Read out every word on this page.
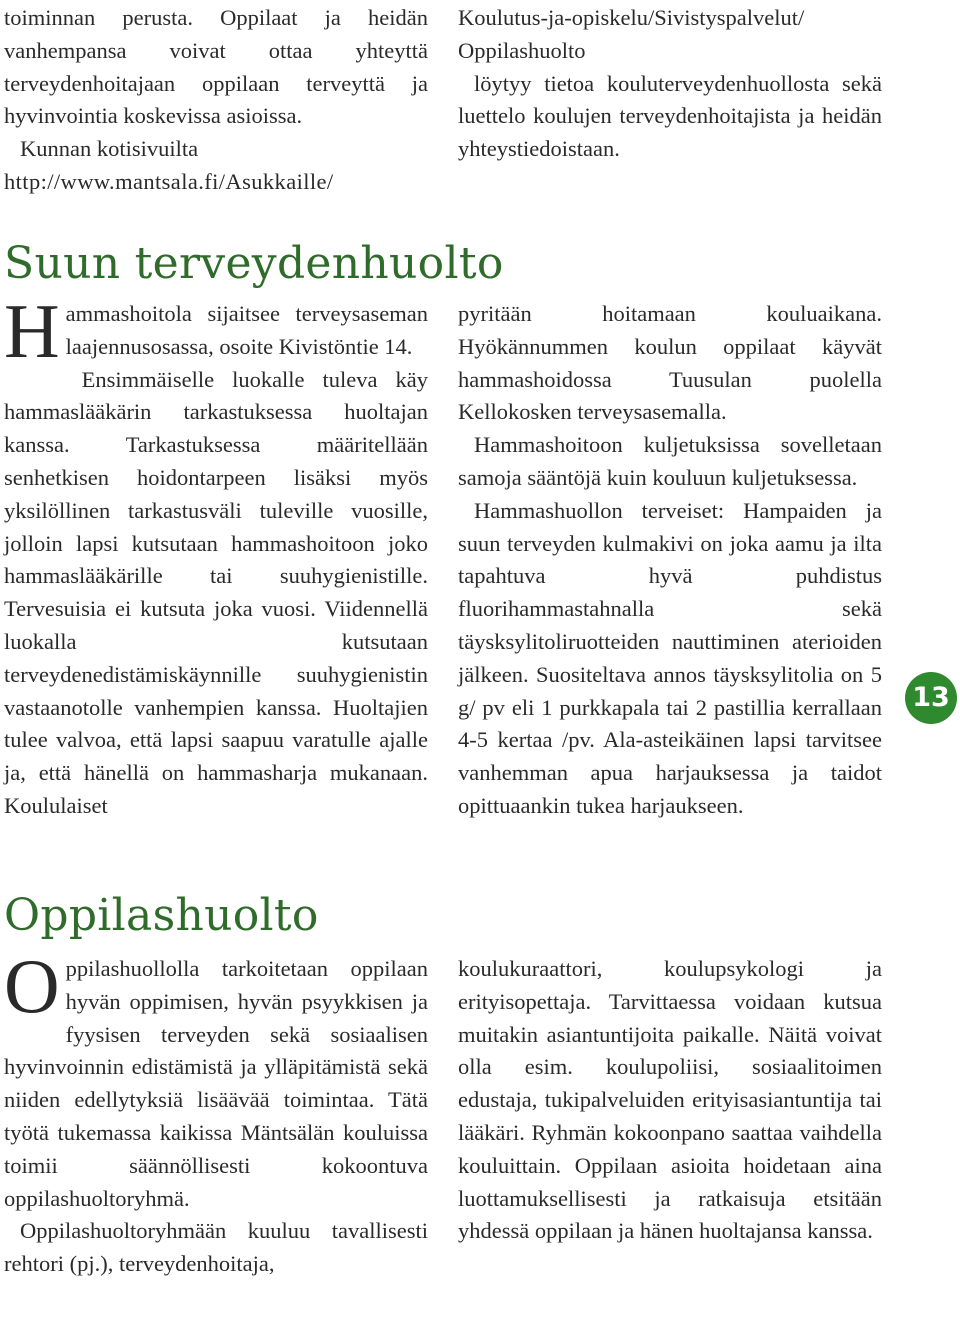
toiminnan perusta. Oppilaat ja heidän vanhempansa voivat ottaa yhteyttä terveydenhoitajaan oppilaan terveyttä ja hyvinvointia koskevissa asioissa.

Kunnan kotisivuilta

http://www.mantsala.fi/Asukkaille/

Koulutus-ja-opiskelu/Sivistyspalvelut/

Oppilashuolto

löytyy tietoa kouluterveydenhuollosta sekä luettelo koulujen terveydenhoitajista ja heidän yhteystiedoistaan.

Suun terveydenhuolto

Hammashoitola sijaitsee terveysaseman laajennusosassa, osoite Kivistöntie 14.

Ensimmäiselle luokalle tuleva käy hammaslääkärin tarkastuksessa huoltajan kanssa. Tarkastuksessa määritellään senhetkisen hoidontarpeen lisäksi myös yksilöllinen tarkastusväli tuleville vuosille, jolloin lapsi kutsutaan hammashoitoon joko hammaslääkärille tai suuhygienistille. Tervesuisia ei kutsuta joka vuosi. Viidennellä luokalla kutsutaan terveydenedistämiskäynnille suuhygienistin vastaanotolle vanhempien kanssa. Huoltajien tulee valvoa, että lapsi saapuu varatulle ajalle ja, että hänellä on hammasharja mukanaan. Koululaiset

pyritään hoitamaan kouluaikana. Hyökännummen koulun oppilaat käyvät hammashoidossa Tuusulan puolella Kellokosken terveysasemalla.

Hammashoitoon kuljetuksissa sovelletaan samoja sääntöjä kuin kouluun kuljetuksessa.

Hammashuollon terveiset: Hampaiden ja suun terveyden kulmakivi on joka aamu ja ilta tapahtuva hyvä puhdistus fluorihammastahnalla sekä täysksylitoliruotteiden nauttiminen aterioiden jälkeen. Suositeltava annos täysksylitolia on 5 g/ pv eli 1 purkkapala tai 2 pastillia kerrallaan 4-5 kertaa /pv. Ala-asteikäinen lapsi tarvitsee vanhemman apua harjauksessa ja taidot opittuaankin tukea harjaukseen.

13
Oppilashuolto

Oppilashuollolla tarkoitetaan oppilaan hyvän oppimisen, hyvän psyykkisen ja fyysisen terveyden sekä sosiaalisen hyvinvoinnin edistämistä ja ylläpitämistä sekä niiden edellytyksiä lisäävää toimintaa. Tätä työtä tukemassa kaikissa Mäntsälän kouluissa toimii säännöllisesti kokoontuva oppilashuoltoryhmä.

Oppilashuoltoryhmään kuuluu tavallisesti rehtori (pj.), terveydenhoitaja,

koulukuraattori, koulupsykologi ja erityisopettaja. Tarvittaessa voidaan kutsua muitakin asiantuntijoita paikalle. Näitä voivat olla esim. koulupoliisi, sosiaalitoimen edustaja, tukipalveluiden erityisasiantuntija tai lääkäri. Ryhmän kokoonpano saattaa vaihdella kouluittain. Oppilaan asioita hoidetaan aina luottamuksellisesti ja ratkaisuja etsitään yhdessä oppilaan ja hänen huoltajansa kanssa.
